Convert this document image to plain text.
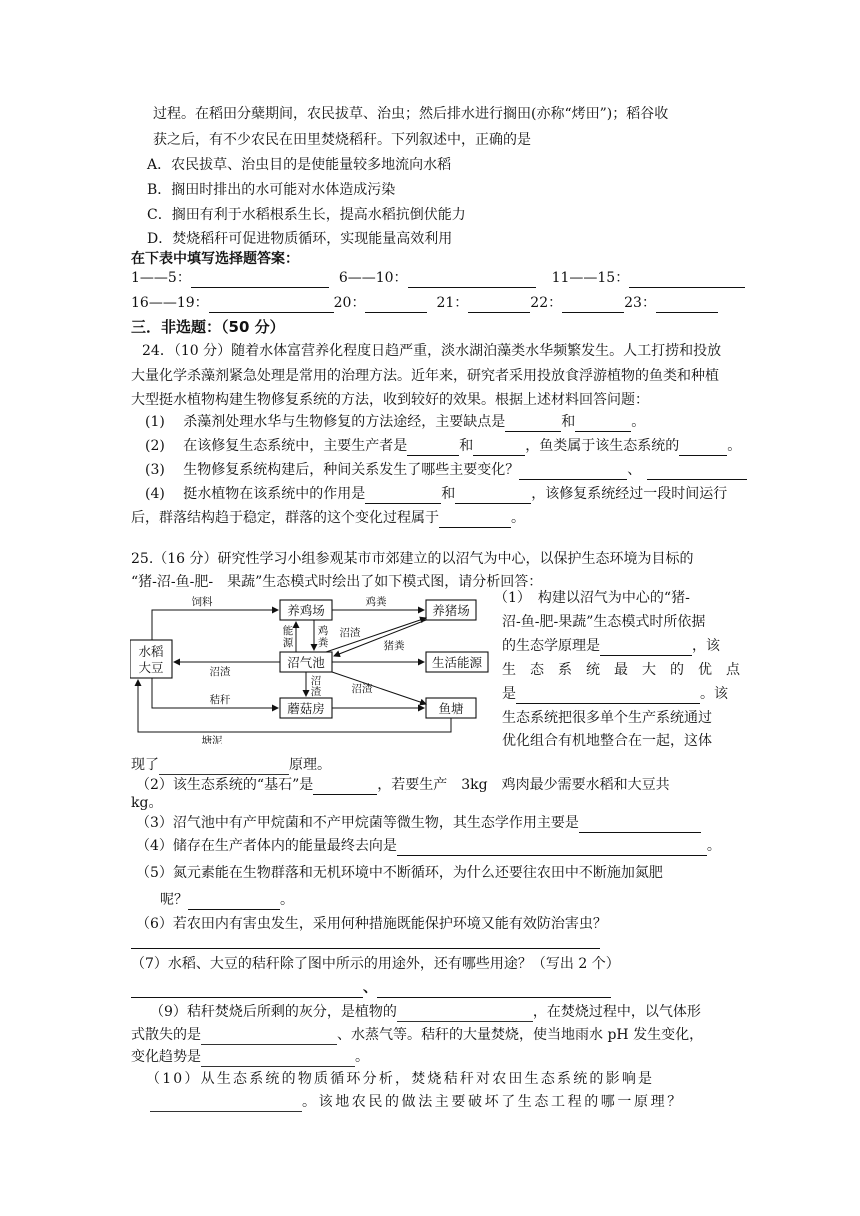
过程。在稻田分蘖期间，农民拔草、治虫；然后排水进行搁田(亦称“烤田”)；稻谷收
获之后，有不少农民在田里焚烧稻秆。下列叙述中，正确的是
A．农民拔草、治虫目的是使能量较多地流向水稻
B．搁田时排出的水可能对水体造成污染
C．搁田有利于水稻根系生长，提高水稻抗倒伏能力
D．焚烧稻秆可促进物质循环，实现能量高效利用
在下表中填写选择题答案：
1——5：	6——10：	11——15：
16——19：	20：	21：	22：	23：
三．非选题：（50 分）
24．（10 分）随着水体富营养化程度日趋严重，淡水湖泊藻类水华频繁发生。人工打捞和投放
大量化学杀藻剂紧急处理是常用的治理方法。近年来，研究者采用投放食浮游植物的鱼类和种植
大型挺水植物构建生物修复系统的方法，收到较好的效果。根据上述材料回答问题：
(1)　 杀藻剂处理水华与生物修复的方法途经，主要缺点是	和	。
(2)　 在该修复生态系统中，主要生产者是	和	，鱼类属于该生态系统的	。
(3)　 生物修复系统构建后，种间关系发生了哪些主要变化？	、
(4)　 挺水植物在该系统中的作用是	和	，该修复系统经过一段时间运行
后，群落结构趋于稳定，群落的这个变化过程属于	。
25.（16 分）研究性学习小组参观某市市郊建立的以沼气为中心，以保护生态环境为目标的
“猪-沼-鱼-肥-　果蔬”生态模式时绘出了如下模式图，请分析回答：
水稻
大豆
养鸡场	养猪场
沼气池	生活能源
蘑菇房	鱼塘
饲料	鸡粪
能
源
鸡
粪
沼渣
猪粪
沼渣
秸秆
沼
渣	沼渣
塘泥
（1）　构建以沼气为中心的“猪-
沼-鱼-肥-果蔬”生态模式时所依据
的生态学原理是	，该
生　态　系　统　最　大　的　优　点
是	。该
生态系统把很多单个生产系统通过
优化组合有机地整合在一起，这体
现了	原理。
（2）该生态系统的“基石”是	，若要生产　3kg　鸡肉最少需要水稻和大豆共
kg。
（3）沼气池中有产甲烷菌和不产甲烷菌等微生物，其生态学作用主要是
（4）储存在生产者体内的能量最终去向是	。
（5）氮元素能在生物群落和无机环境中不断循环，为什么还要往农田中不断施加氮肥
呢？	。
（6）若农田内有害虫发生，采用何种措施既能保护环境又能有效防治害虫？
（7）水稻、大豆的秸秆除了图中所示的用途外，还有哪些用途？（写出 2 个）
、
（9）秸秆焚烧后所剩的灰分，是植物的	，在焚烧过程中，以气体形
式散失的是	、水蒸气等。秸秆的大量焚烧，使当地雨水 pH 发生变化，
变化趋势是	。
（10）从生态系统的物质循环分析，焚烧秸秆对农田生态系统的影响是
。该地农民的做法主要破坏了生态工程的哪一原理？
